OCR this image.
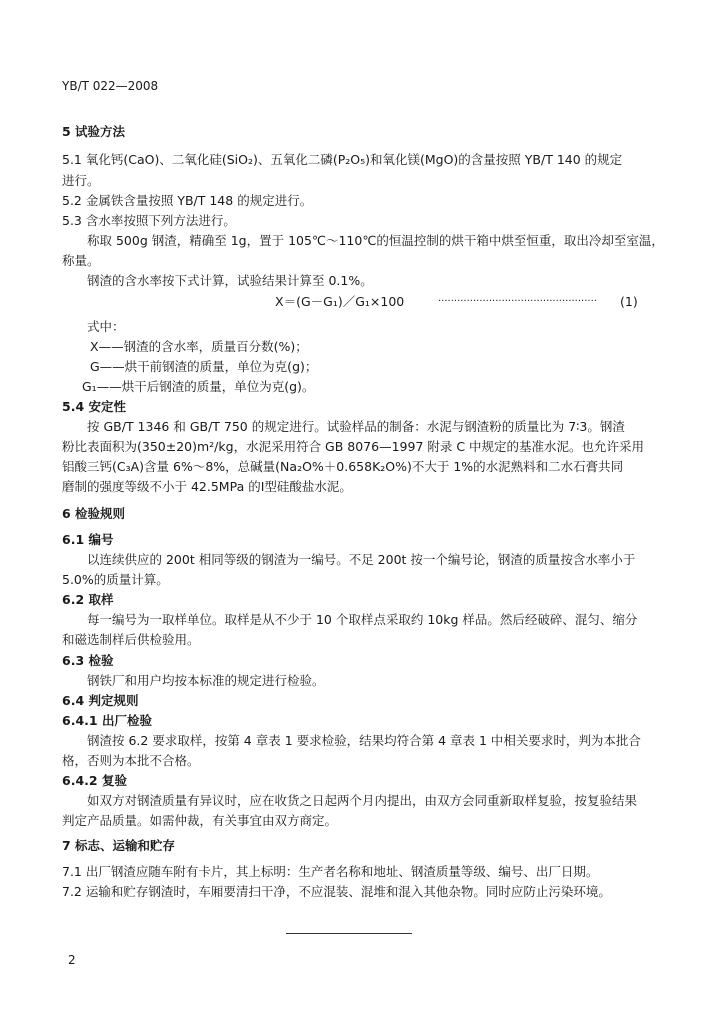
YB/T 022—2008
5 试验方法
5.1 氧化钙(CaO)、二氧化硅(SiO₂)、五氧化二磷(P₂O₅)和氧化镁(MgO)的含量按照 YB/T 140 的规定
进行。
5.2 金属铁含量按照 YB/T 148 的规定进行。
5.3 含水率按照下列方法进行。
称取 500g 钢渣，精确至 1g，置于 105℃～110℃的恒温控制的烘干箱中烘至恒重，取出冷却至室温，
称量。
钢渣的含水率按下式计算，试验结果计算至 0.1%。
X＝(G－G₁)／G₁×100	·················································· (1)
式中：
X——钢渣的含水率，质量百分数(%)；
G——烘干前钢渣的质量，单位为克(g)；
G₁——烘干后钢渣的质量，单位为克(g)。
5.4 安定性
按 GB/T 1346 和 GB/T 750 的规定进行。试验样品的制备：水泥与钢渣粉的质量比为 7∶3。钢渣
粉比表面积为(350±20)m²/kg，水泥采用符合 GB 8076—1997 附录 C 中规定的基准水泥。也允许采用
铝酸三钙(C₃A)含量 6%～8%，总碱量(Na₂O%＋0.658K₂O%)不大于 1%的水泥熟料和二水石膏共同
磨制的强度等级不小于 42.5MPa 的Ⅰ型硅酸盐水泥。
6 检验规则
6.1 编号
以连续供应的 200t 相同等级的钢渣为一编号。不足 200t 按一个编号论，钢渣的质量按含水率小于
5.0%的质量计算。
6.2 取样
每一编号为一取样单位。取样是从不少于 10 个取样点采取约 10kg 样品。然后经破碎、混匀、缩分
和磁选制样后供检验用。
6.3 检验
钢铁厂和用户均按本标准的规定进行检验。
6.4 判定规则
6.4.1 出厂检验
钢渣按 6.2 要求取样，按第 4 章表 1 要求检验，结果均符合第 4 章表 1 中相关要求时，判为本批合
格，否则为本批不合格。
6.4.2 复验
如双方对钢渣质量有异议时，应在收货之日起两个月内提出，由双方会同重新取样复验，按复验结果
判定产品质量。如需仲裁，有关事宜由双方商定。
7 标志、运输和贮存
7.1 出厂钢渣应随车附有卡片，其上标明：生产者名称和地址、钢渣质量等级、编号、出厂日期。
7.2 运输和贮存钢渣时，车厢要清扫干净，不应混装、混堆和混入其他杂物。同时应防止污染环境。
2
